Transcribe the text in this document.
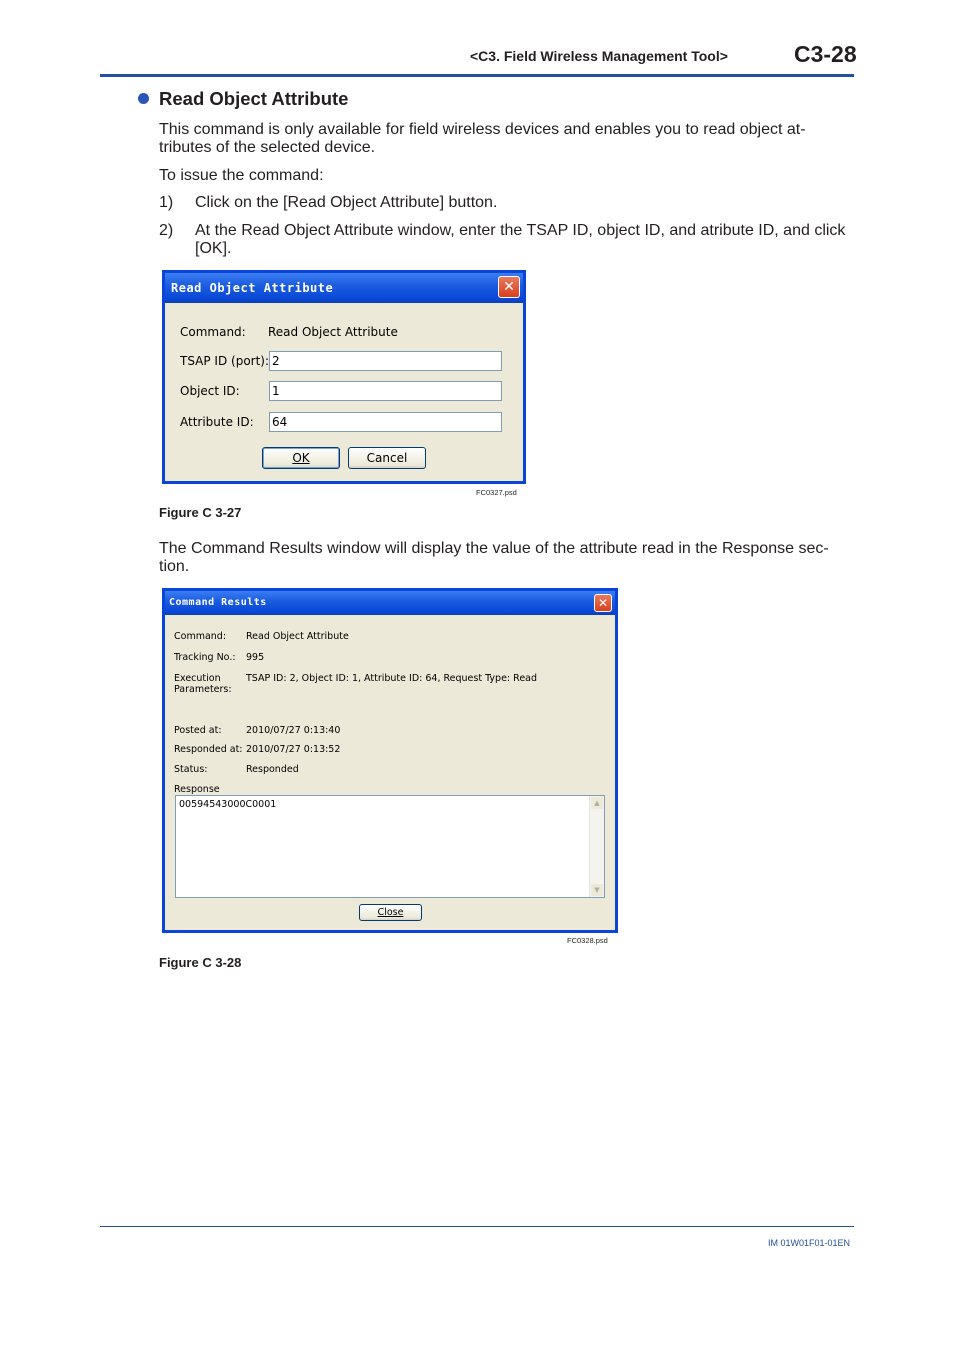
<C3. Field Wireless Management Tool>	C3-28
Read Object Attribute
This command is only available for field wireless devices and enables you to read object at-tributes of the selected device.
To issue the command:
1) Click on the [Read Object Attribute] button.
2) At the Read Object Attribute window, enter the TSAP ID, object ID, and atribute ID, and click [OK].
Read Object Attribute	✕
Command: Read Object Attribute
TSAP ID (port): 2
Object ID:	1
Attribute ID: 64
OK	Cancel
FC0327.psd
Figure C 3-27
The Command Results window will display the value of the attribute read in the Response sec-tion.
Command Results	✕
Command: Read Object Attribute
Tracking No.: 995
Execution
Parameters:
TSAP ID: 2, Object ID: 1, Attribute ID: 64, Request Type: Read
Posted at:	2010/07/27 0:13:40
Responded at: 2010/07/27 0:13:52
Status:	Responded
Response
00594543000C0001	▲
▼
Close
FC0328.psd
Figure C 3-28
IM 01W01F01-01EN
